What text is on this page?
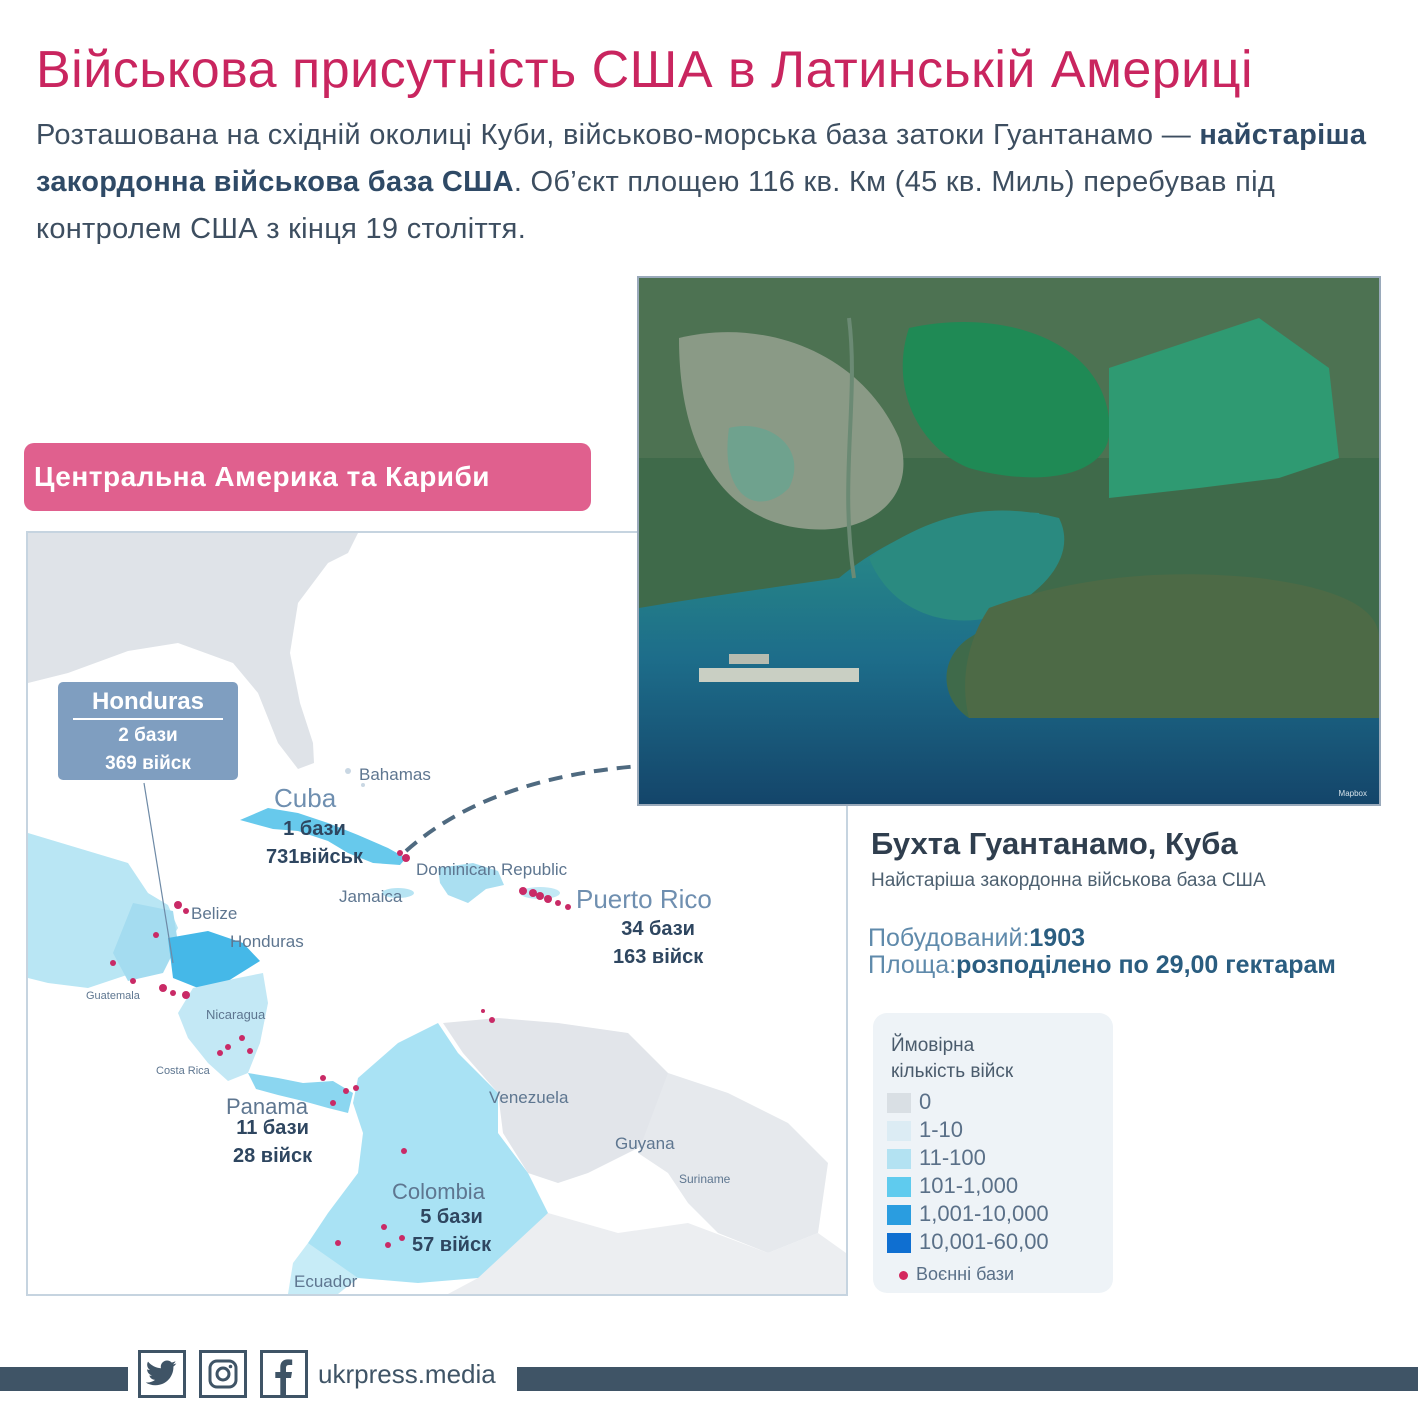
Військова присутність США в Латинській Америці
Розташована на східній околиці Куби, військово-морська база затоки Гуантанамо — найстаріша закордонна військова база США. Об’єкт площею 116 кв. Км (45 кв. Миль) перебував під контролем США з кінця 19 століття.
Центральна Америка та Кариби
Cuba
Bahamas
Dominican Republic
Jamaica	Puerto Rico
Belize
Honduras
Guatemala
Nicaragua
Costa Rica
Panama	Venezuela
Guyana
Suriname
Colombia
Ecuador
1 бази
731військ
34 бази
163 війск
11 бази
28 війск
5 бази
57 війск
Honduras
2 бази
369 війск
Mapbox
Бухта Гуантанамо, Куба
Найстаріша закордонна військова база США
Побудований:1903
Площа:розподілено по 29,00 гектарам
Ймовірна
кількість війск
0
1-10
11-100
101-1,000
1,001-10,000
10,001-60,00
Воєнні бази
ukrpress.media
